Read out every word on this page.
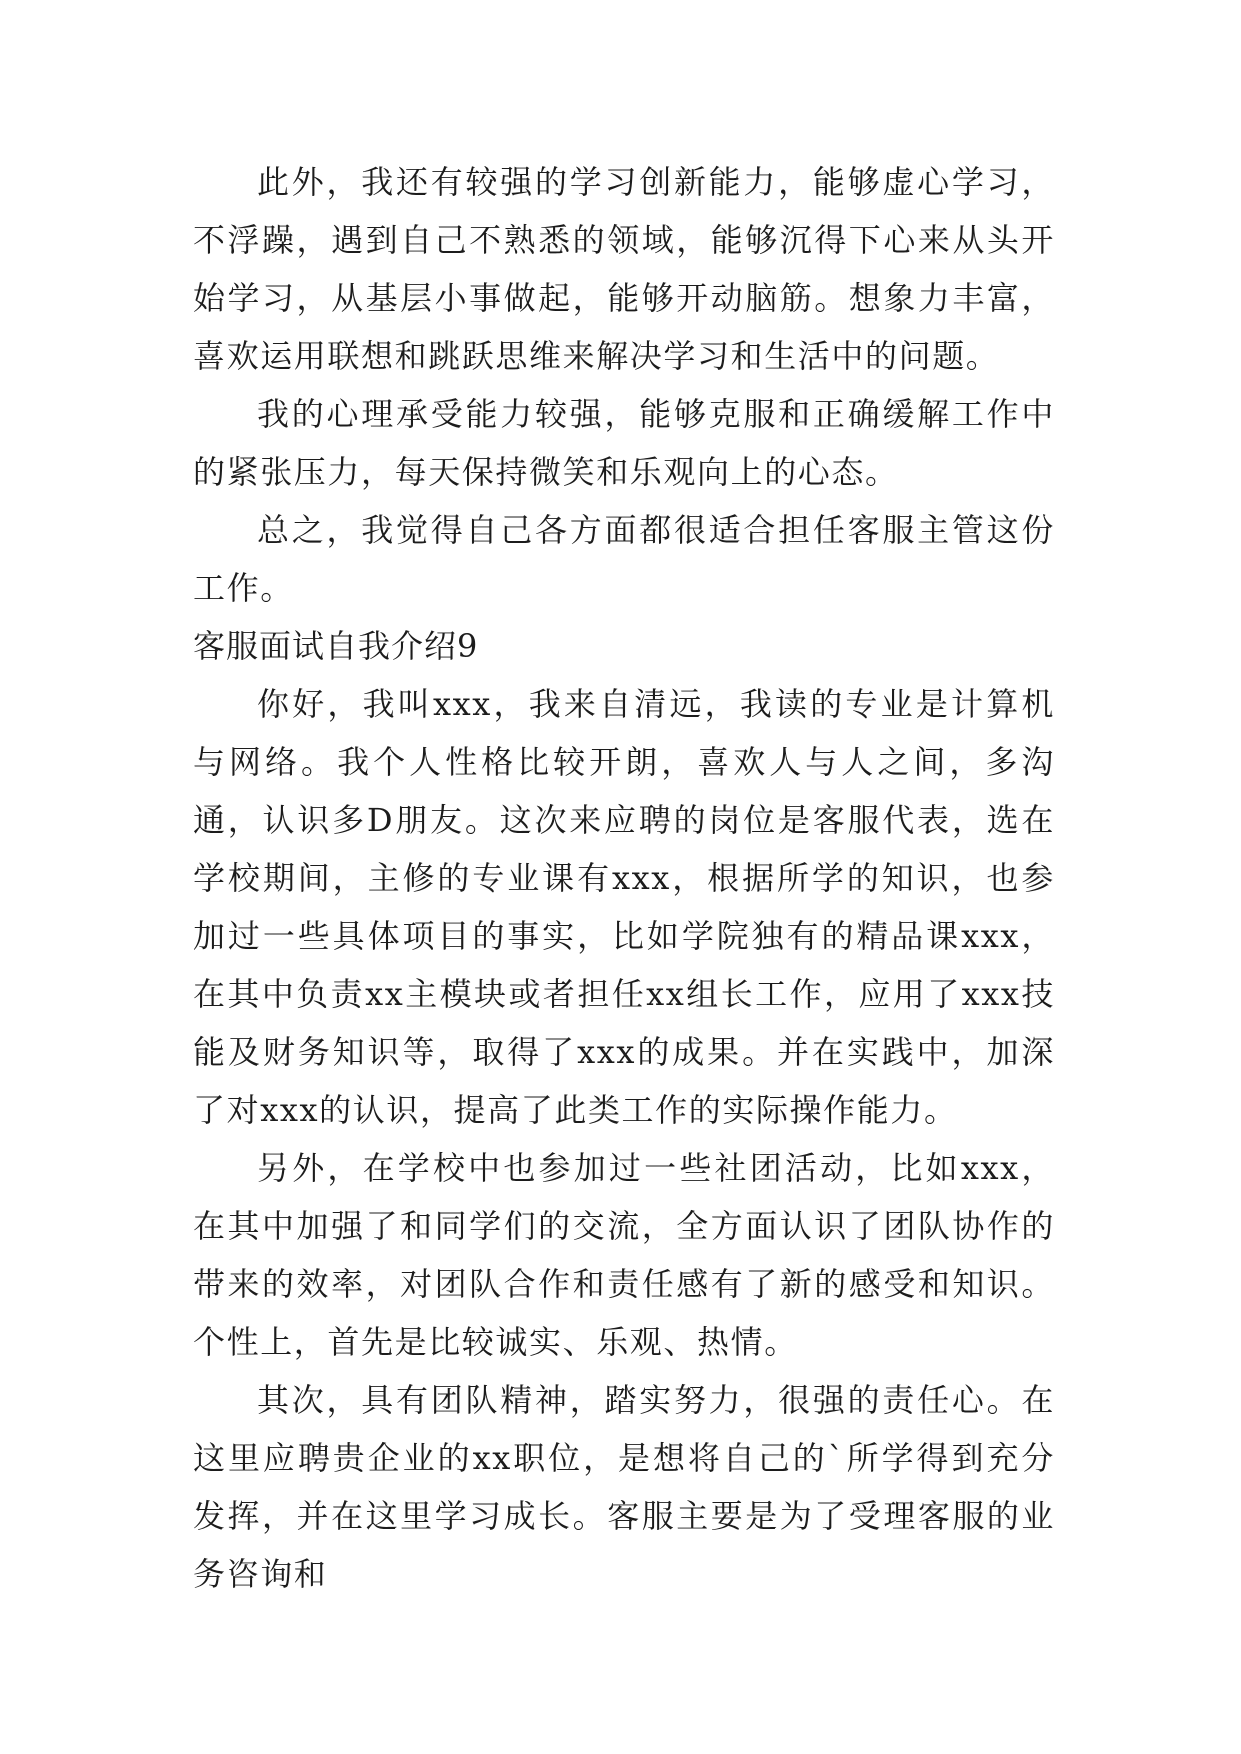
此外，我还有较强的学习创新能力，能够虚心学习，不浮躁，遇到自己不熟悉的领域，能够沉得下心来从头开始学习，从基层小事做起，能够开动脑筋。想象力丰富，喜欢运用联想和跳跃思维来解决学习和生活中的问题。

我的心理承受能力较强，能够克服和正确缓解工作中的紧张压力，每天保持微笑和乐观向上的心态。

总之，我觉得自己各方面都很适合担任客服主管这份工作。

客服面试自我介绍9

你好，我叫xxx，我来自清远，我读的专业是计算机与网络。我个人性格比较开朗，喜欢人与人之间，多沟通，认识多D朋友。这次来应聘的岗位是客服代表，选在学校期间，主修的专业课有xxx，根据所学的知识，也参加过一些具体项目的事实，比如学院独有的精品课xxx，在其中负责xx主模块或者担任xx组长工作，应用了xxx技能及财务知识等，取得了xxx的成果。并在实践中，加深了对xxx的认识，提高了此类工作的实际操作能力。

另外，在学校中也参加过一些社团活动，比如xxx，在其中加强了和同学们的交流，全方面认识了团队协作的带来的效率，对团队合作和责任感有了新的感受和知识。个性上，首先是比较诚实、乐观、热情。

其次，具有团队精神，踏实努力，很强的责任心。在这里应聘贵企业的xx职位，是想将自己的`所学得到充分发挥，并在这里学习成长。客服主要是为了受理客服的业务咨询和
